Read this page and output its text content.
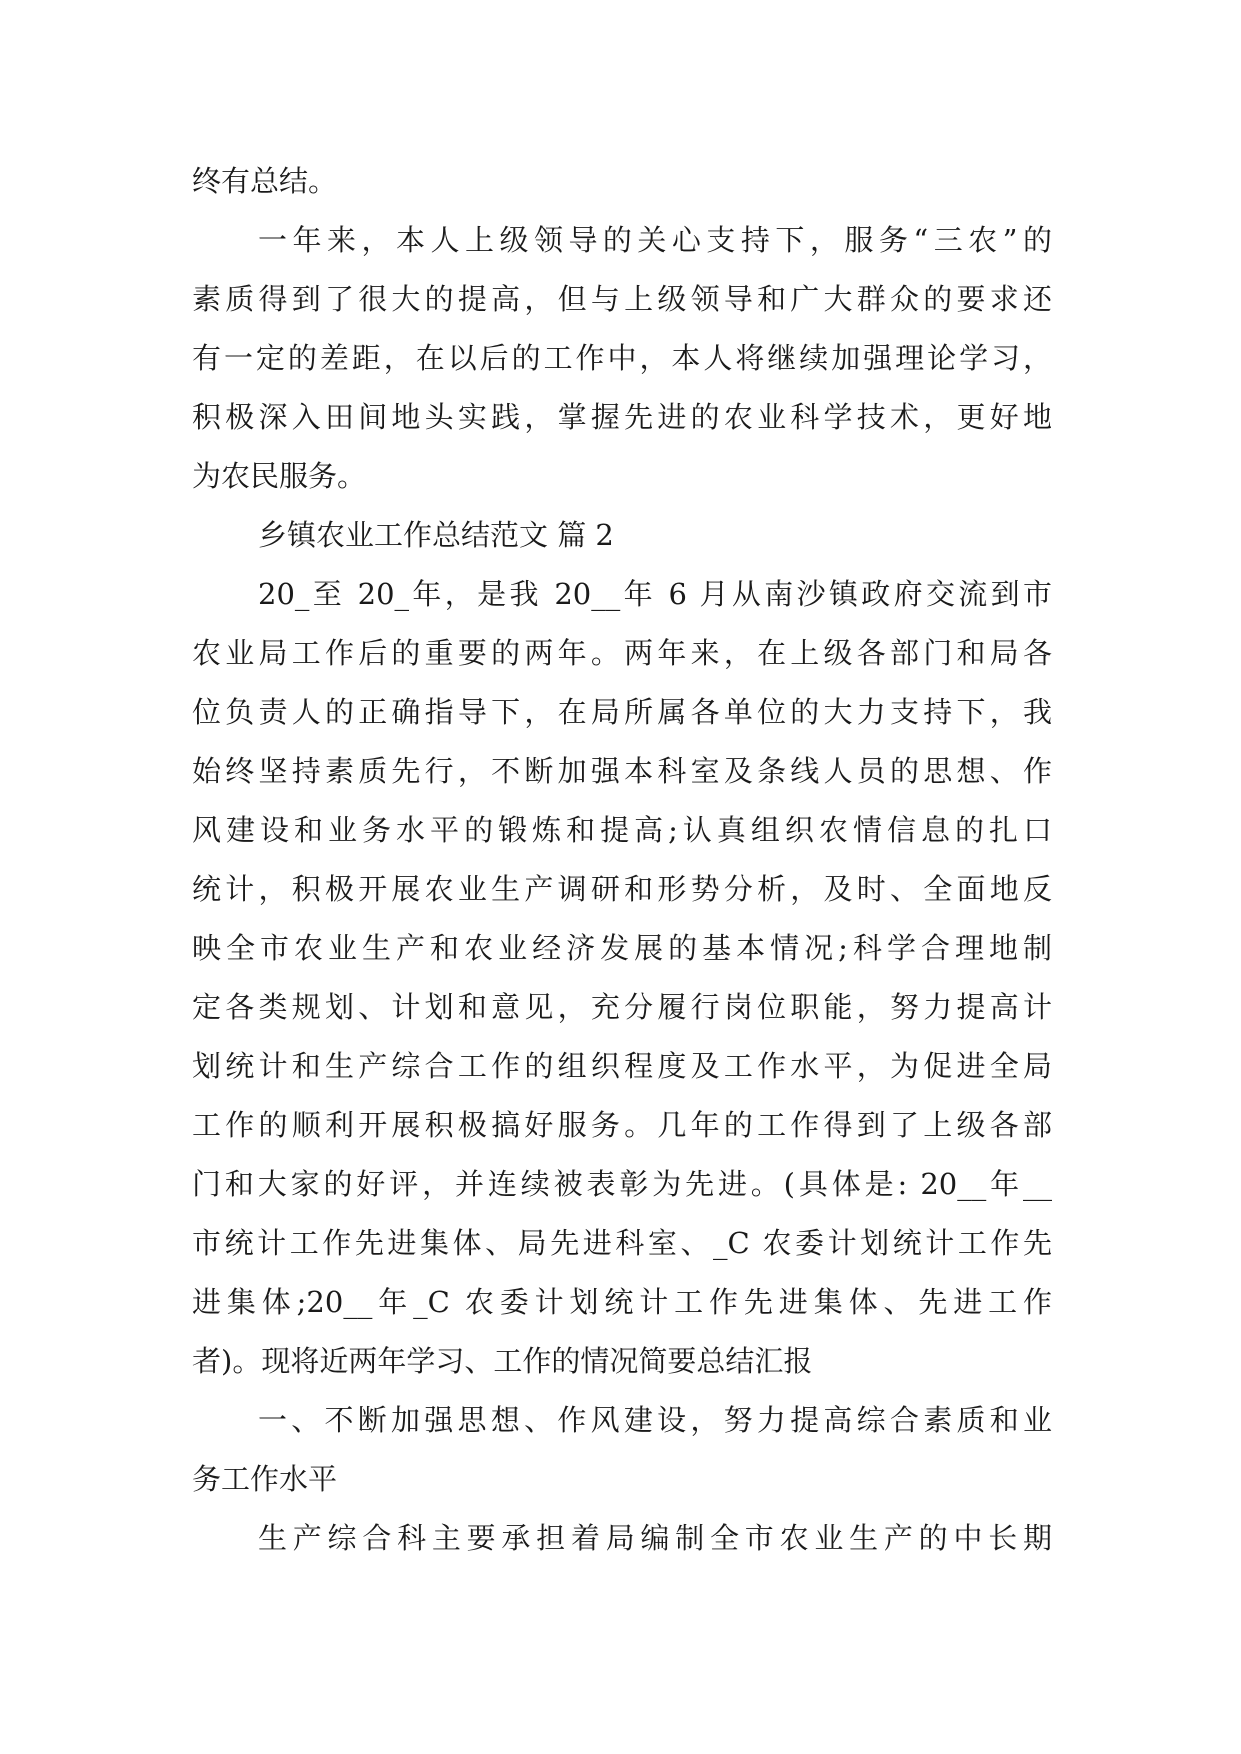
终有总结。
一年来，本人上级领导的关心支持下，服务“三农”的
素质得到了很大的提高，但与上级领导和广大群众的要求还
有一定的差距，在以后的工作中，本人将继续加强理论学习，
积极深入田间地头实践，掌握先进的农业科学技术，更好地
为农民服务。
乡镇农业工作总结范文 篇 2
20_至 20_年，是我 20__年 6 月从南沙镇政府交流到市
农业局工作后的重要的两年。两年来，在上级各部门和局各
位负责人的正确指导下，在局所属各单位的大力支持下，我
始终坚持素质先行，不断加强本科室及条线人员的思想、作
风建设和业务水平的锻炼和提高;认真组织农情信息的扎口
统计，积极开展农业生产调研和形势分析，及时、全面地反
映全市农业生产和农业经济发展的基本情况;科学合理地制
定各类规划、计划和意见，充分履行岗位职能，努力提高计
划统计和生产综合工作的组织程度及工作水平，为促进全局
工作的顺利开展积极搞好服务。几年的工作得到了上级各部
门和大家的好评，并连续被表彰为先进。(具体是: 20__年__
市统计工作先进集体、局先进科室、_C 农委计划统计工作先
进集体;20__年_C 农委计划统计工作先进集体、先进工作
者)。现将近两年学习、工作的情况简要总结汇报
一、不断加强思想、作风建设，努力提高综合素质和业
务工作水平
生产综合科主要承担着局编制全市农业生产的中长期
